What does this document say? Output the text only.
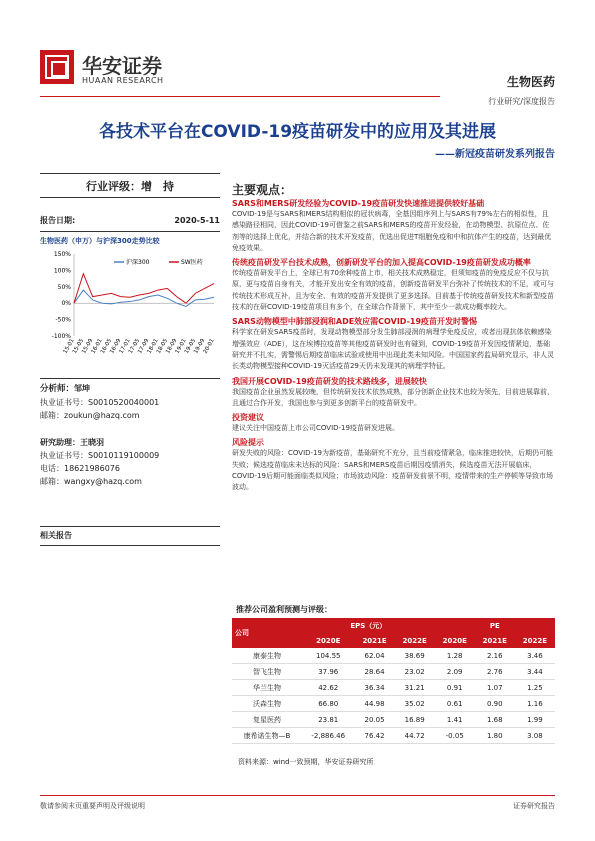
华安证券
HUAAN RESEARCH	生物医药
行业研究/深度报告
各技术平台在COVID-19疫苗研发中的应用及其进展
——新冠疫苗研发系列报告
行业评级：增　持
报告日期:	2020-5-11
生物医药（申万）与沪深300走势比较
150%
100%
50%
0%
-50%
-100%
15-01
15-05
15-09
16-01
16-05
16-09
17-01
17-05
17-09
18-01
18-05
18-09
19-01
19-05
19-09
20-01
沪深300	SW医药
分析师：邹坤
执业证书号：S0010520040001
邮箱：zoukun@hazq.com
研究助理：王晓羽
执业证书号：S0010119100009
电话：18621986076
邮箱：wangxy@hazq.com
相关报告
主要观点：
SARS和MERS研发经验为COVID-19疫苗研发快速推进提供较好基础
COVID-19是与SARS和MERS结构相似的冠状病毒，全基因组序列上与SARS有79%左右的相似性，且感染路径相同，因此COVID-19可借鉴之前SARS和MERS的疫苗开发经验，在动物模型、抗原位点、佐剂等的选择上优化，并结合新的技术开发疫苗，优选出促进T细胞免疫和中和抗体产生的疫苗，达到最优免疫效果。
传统疫苗研发平台技术成熟，创新研发平台的加入提高COVID-19疫苗研发成功概率
传统疫苗研发平台上，全球已有70余种疫苗上市，相关技术成熟稳定，但须知疫苗的免疫反应不仅与抗原，更与疫苗自身有关，才能开发出安全有效的疫苗，创新疫苗研发平台弥补了传统技术的不足，或可与传统技术形成互补，且为安全、有效的疫苗开发提供了更多选择。目前基于传统疫苗研发技术和新型疫苗技术的在研COVID-19疫苗项目有多个，在全球合作背景下，其中至少一款成功概率较大。
SARS动物模型中肺部浸润和ADE效应需COVID-19疫苗开发时警惕
科学家在研发SARS疫苗时，发现动物模型部分发生肺部浸润的病理学免疫反应，或者出现抗体依赖感染增强效应（ADE），这在埃博拉疫苗等其他疫苗研发时也有碰到，COVID-19疫苗开发因疫情紧迫，基础研究并不扎实，需警惕后期疫苗临床试验或使用中出现此类未知风险。中国国家药监局研究显示，非人灵长类动物模型接种COVID-19灭活疫苗29天仍未发现其的病理学特征。
我国开展COVID-19疫苗研发的技术路线多，进展较快
我国疫苗企业虽然发展较晚，但传统研发技术依然成熟，部分创新企业技术也较为领先，目前进展靠前，且通过合作开发，我国也参与到更多创新平台的疫苗研发中。
投资建议
建议关注中国疫苗上市公司COVID-19疫苗研发进展。
风险提示
研发失败的风险：COVID-19为新疫苗，基础研究不充分，且当前疫情紧急，临床推进较快，后期仍可能失败；候选疫苗临床未达标的风险：SARS和MERS疫苗后期因疫情消失，候选疫苗无法开展临床，COVID-19后期可能面临类似风险；市场波动风险：疫苗研发前景不明，疫情带来的生产停顿等导致市场波动。
推荐公司盈利预测与评级：
公司	EPS（元）			PE		
	2020E	2021E	2022E	2020E	2021E	2022E
康泰生物	104.55	62.04	38.69	1.28	2.16	3.46
智飞生物	37.96	28.64	23.02	2.09	2.76	3.44
华兰生物	42.62	36.34	31.21	0.91	1.07	1.25
沃森生物	66.80	44.98	35.02	0.61	0.90	1.16
复星医药	23.81	20.05	16.89	1.41	1.68	1.99
康希诺生物—B	-2,886.46	76.42	44.72	-0.05	1.80	3.08
资料来源：wind一致预期，华安证券研究所
敬请参阅末页重要声明及评级说明	证券研究报告
